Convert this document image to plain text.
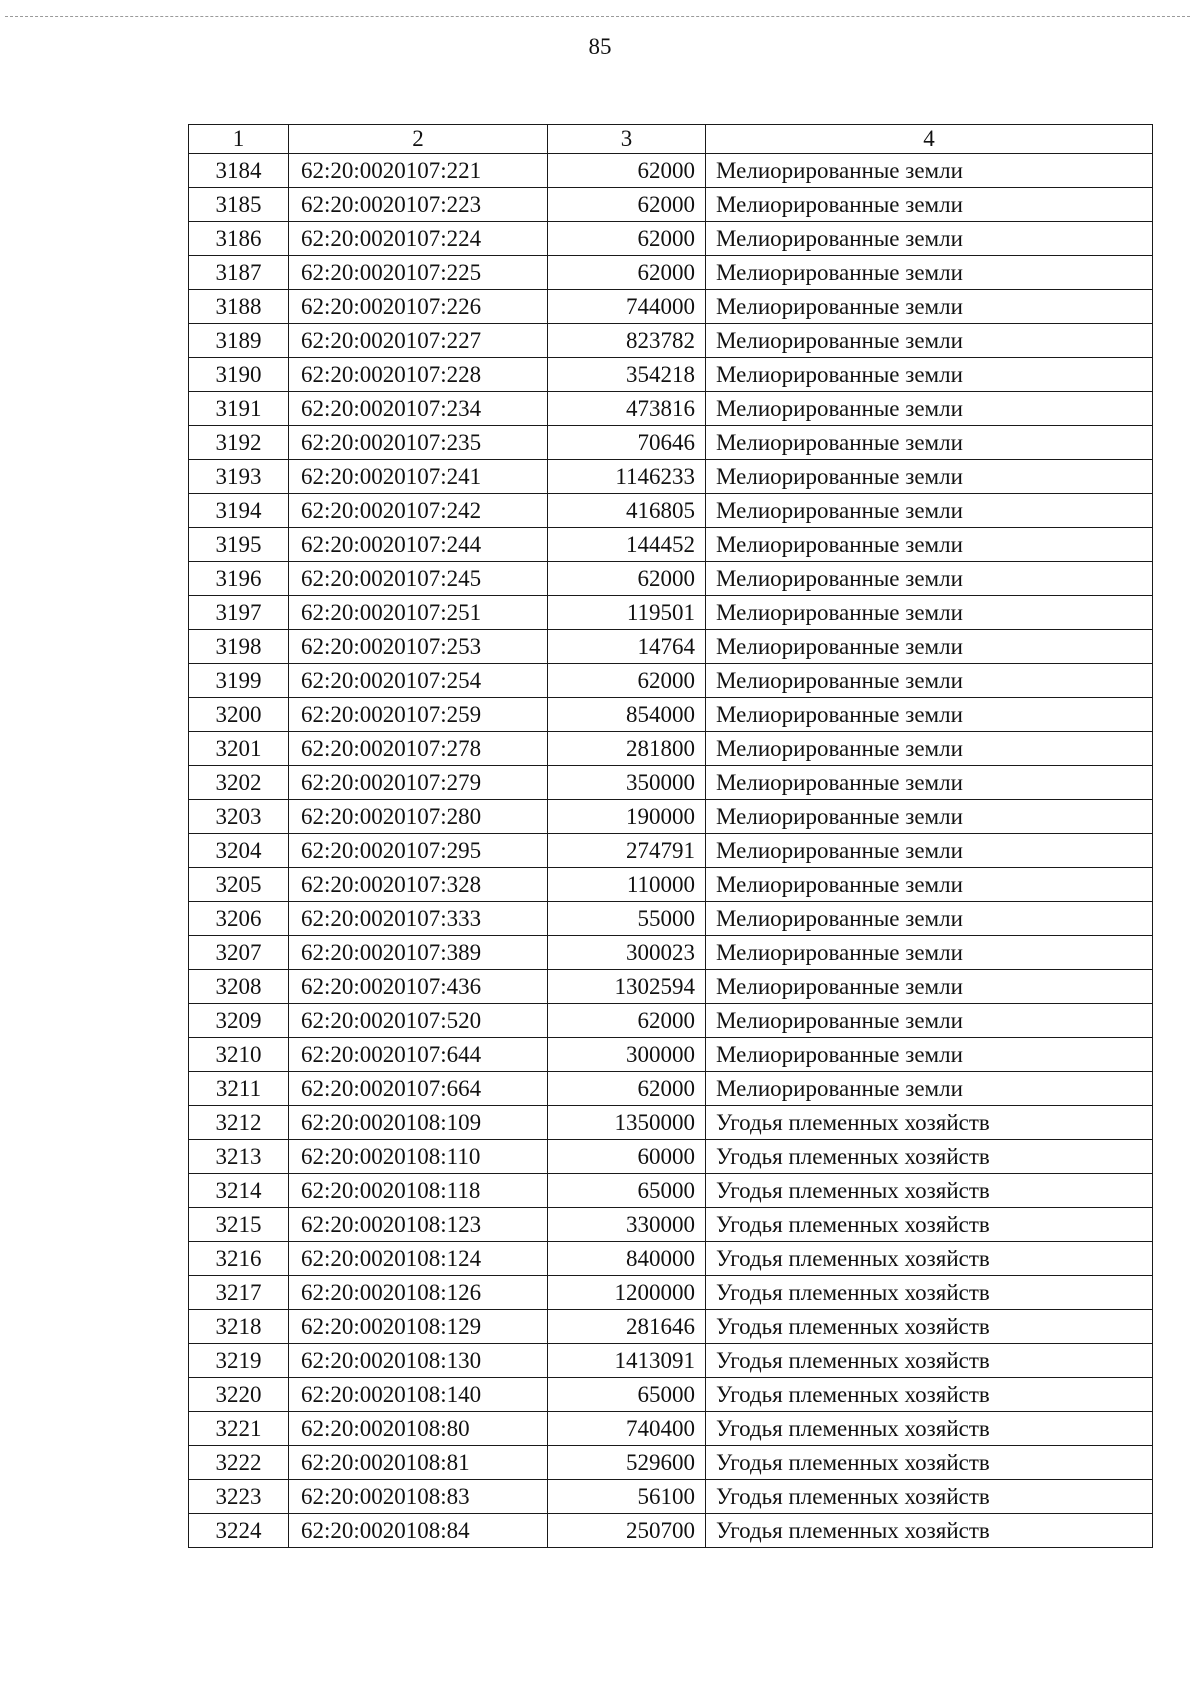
85
1	2	3	4
3184	62:20:0020107:221	62000	Мелиорированные земли
3185	62:20:0020107:223	62000	Мелиорированные земли
3186	62:20:0020107:224	62000	Мелиорированные земли
3187	62:20:0020107:225	62000	Мелиорированные земли
3188	62:20:0020107:226	744000	Мелиорированные земли
3189	62:20:0020107:227	823782	Мелиорированные земли
3190	62:20:0020107:228	354218	Мелиорированные земли
3191	62:20:0020107:234	473816	Мелиорированные земли
3192	62:20:0020107:235	70646	Мелиорированные земли
3193	62:20:0020107:241	1146233	Мелиорированные земли
3194	62:20:0020107:242	416805	Мелиорированные земли
3195	62:20:0020107:244	144452	Мелиорированные земли
3196	62:20:0020107:245	62000	Мелиорированные земли
3197	62:20:0020107:251	119501	Мелиорированные земли
3198	62:20:0020107:253	14764	Мелиорированные земли
3199	62:20:0020107:254	62000	Мелиорированные земли
3200	62:20:0020107:259	854000	Мелиорированные земли
3201	62:20:0020107:278	281800	Мелиорированные земли
3202	62:20:0020107:279	350000	Мелиорированные земли
3203	62:20:0020107:280	190000	Мелиорированные земли
3204	62:20:0020107:295	274791	Мелиорированные земли
3205	62:20:0020107:328	110000	Мелиорированные земли
3206	62:20:0020107:333	55000	Мелиорированные земли
3207	62:20:0020107:389	300023	Мелиорированные земли
3208	62:20:0020107:436	1302594	Мелиорированные земли
3209	62:20:0020107:520	62000	Мелиорированные земли
3210	62:20:0020107:644	300000	Мелиорированные земли
3211	62:20:0020107:664	62000	Мелиорированные земли
3212	62:20:0020108:109	1350000	Угодья племенных хозяйств
3213	62:20:0020108:110	60000	Угодья племенных хозяйств
3214	62:20:0020108:118	65000	Угодья племенных хозяйств
3215	62:20:0020108:123	330000	Угодья племенных хозяйств
3216	62:20:0020108:124	840000	Угодья племенных хозяйств
3217	62:20:0020108:126	1200000	Угодья племенных хозяйств
3218	62:20:0020108:129	281646	Угодья племенных хозяйств
3219	62:20:0020108:130	1413091	Угодья племенных хозяйств
3220	62:20:0020108:140	65000	Угодья племенных хозяйств
3221	62:20:0020108:80	740400	Угодья племенных хозяйств
3222	62:20:0020108:81	529600	Угодья племенных хозяйств
3223	62:20:0020108:83	56100	Угодья племенных хозяйств
3224	62:20:0020108:84	250700	Угодья племенных хозяйств
